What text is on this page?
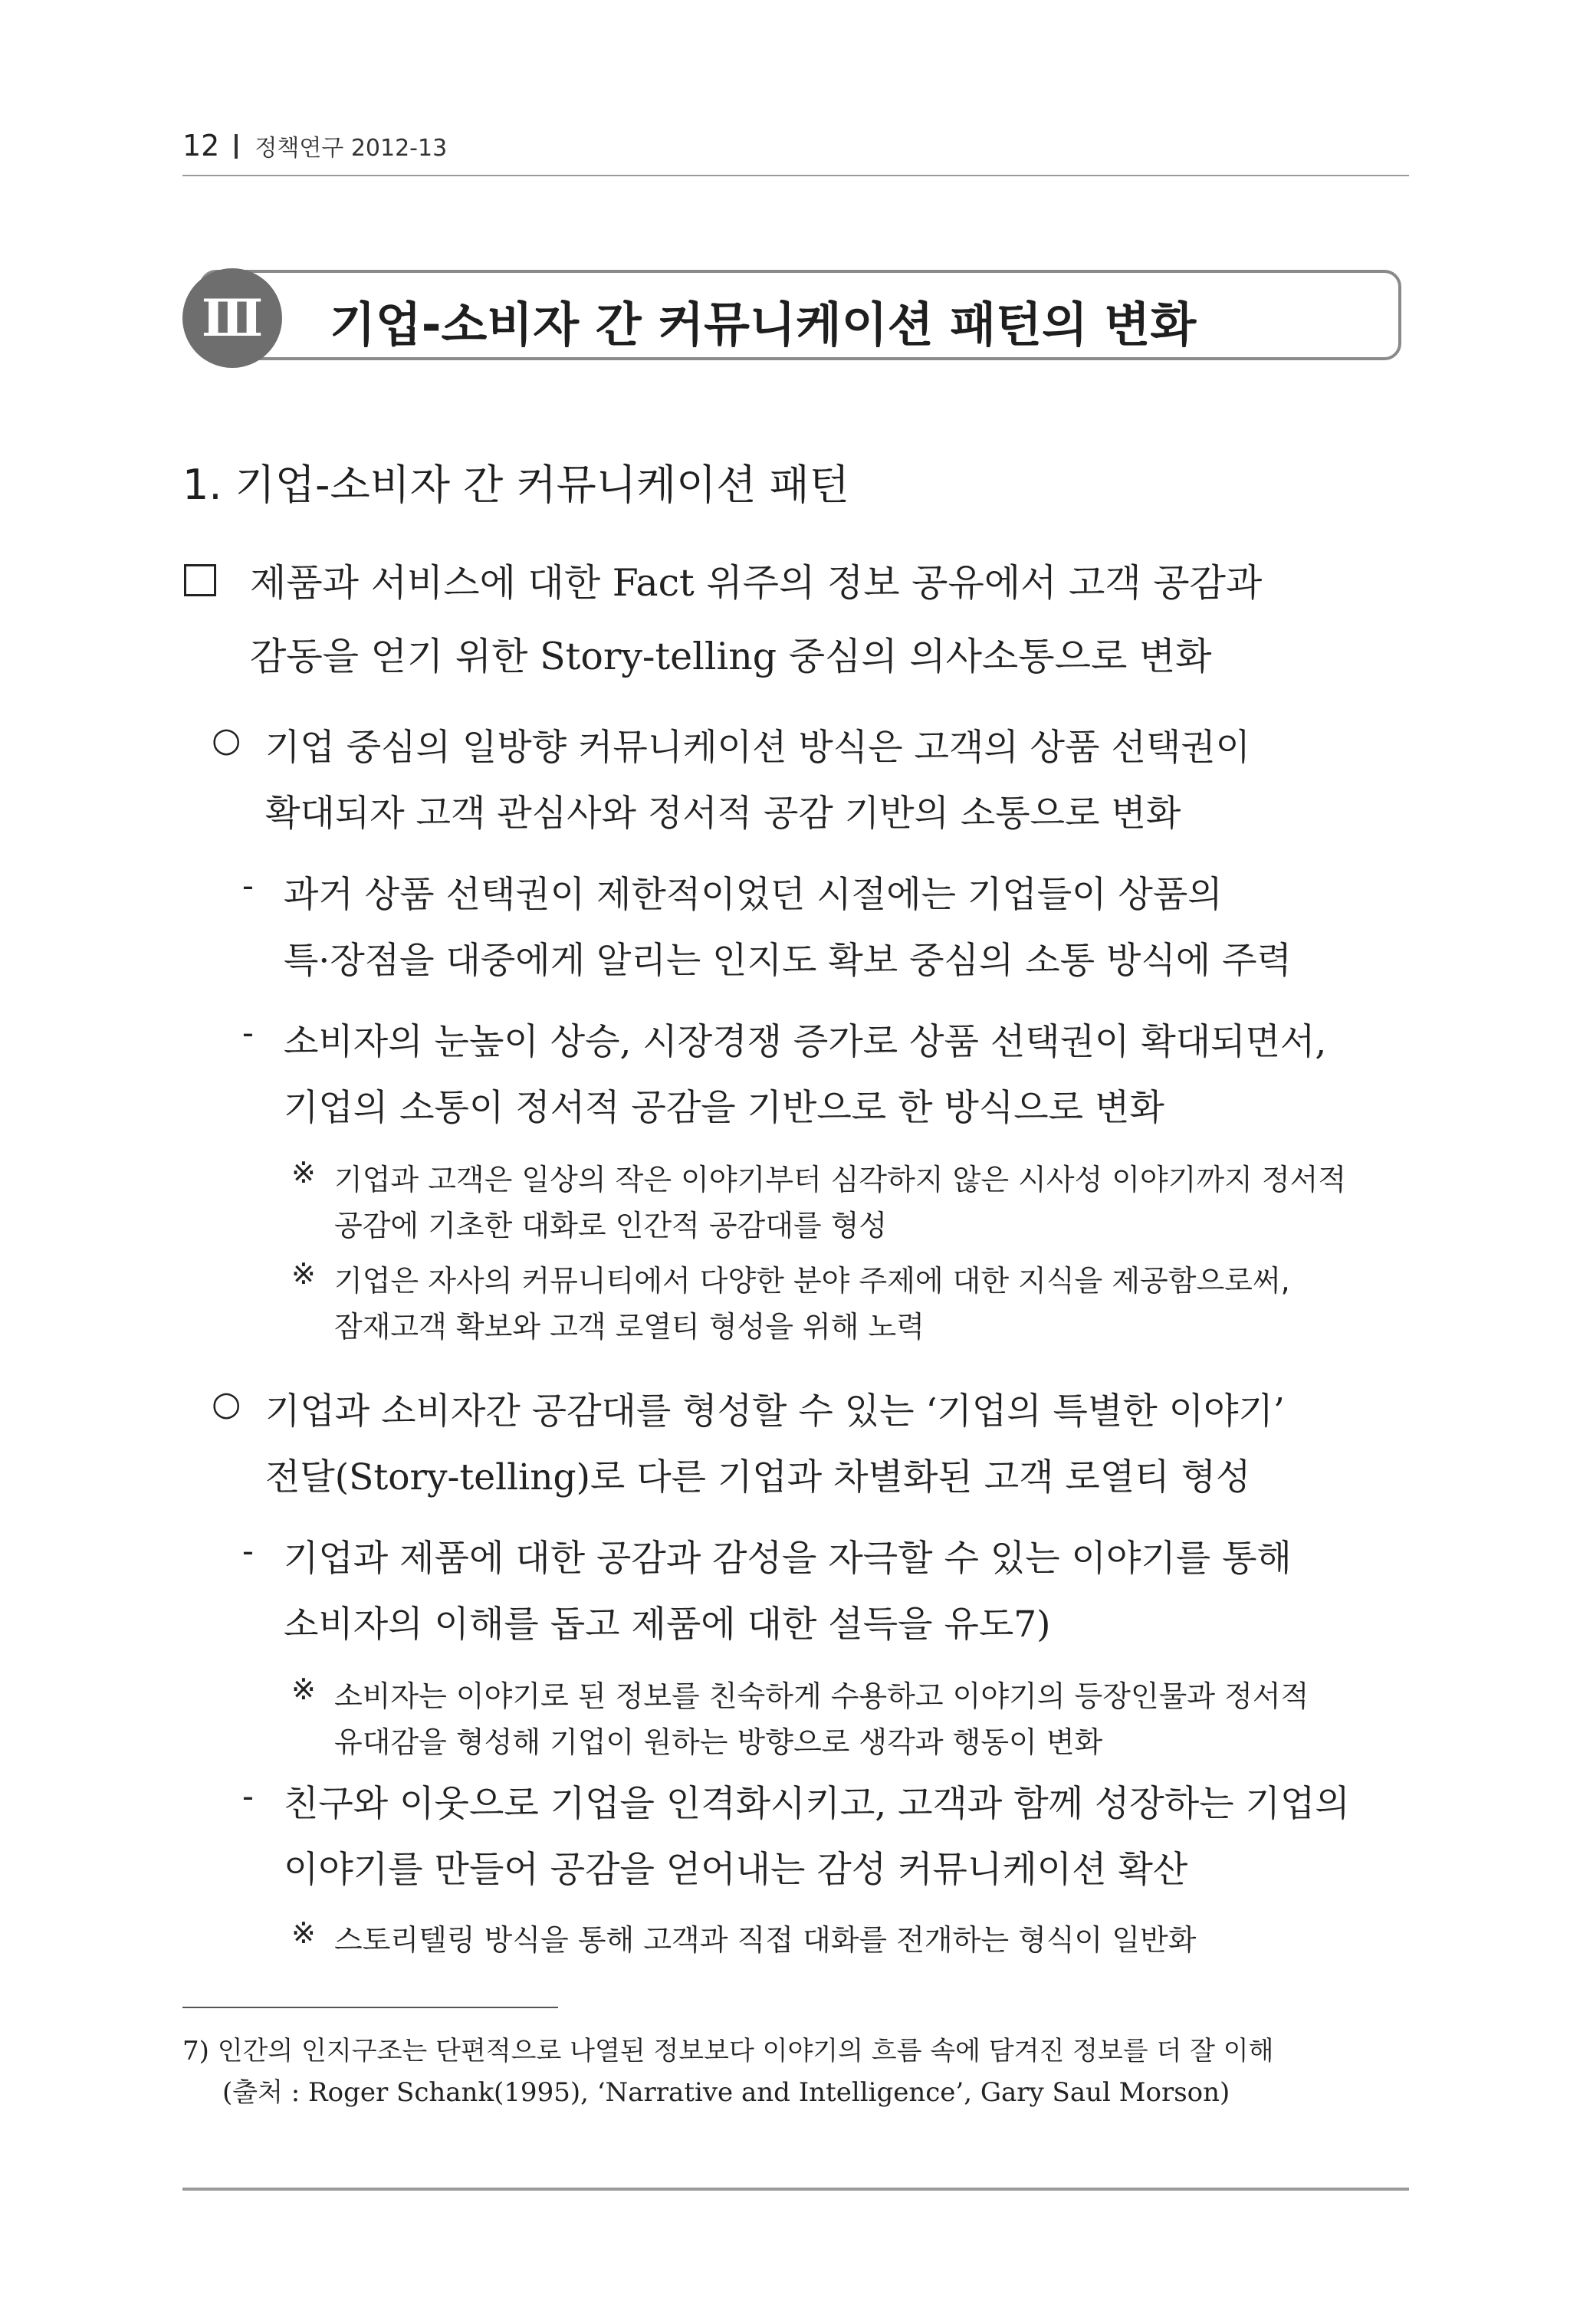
12 정책연구 2012-13
Ⅲ	기업-소비자 간 커뮤니케이션 패턴의 변화
1. 기업-소비자 간 커뮤니케이션 패턴
제품과 서비스에 대한 Fact 위주의 정보 공유에서 고객 공감과
감동을 얻기 위한 Story-telling 중심의 의사소통으로 변화
○ 기업 중심의 일방향 커뮤니케이션 방식은 고객의 상품 선택권이
확대되자 고객 관심사와 정서적 공감 기반의 소통으로 변화
- 과거 상품 선택권이 제한적이었던 시절에는 기업들이 상품의
특·장점을 대중에게 알리는 인지도 확보 중심의 소통 방식에 주력
- 소비자의 눈높이 상승, 시장경쟁 증가로 상품 선택권이 확대되면서,
기업의 소통이 정서적 공감을 기반으로 한 방식으로 변화
※ 기업과 고객은 일상의 작은 이야기부터 심각하지 않은 시사성 이야기까지 정서적
공감에 기초한 대화로 인간적 공감대를 형성
※ 기업은 자사의 커뮤니티에서 다양한 분야 주제에 대한 지식을 제공함으로써,
잠재고객 확보와 고객 로열티 형성을 위해 노력
○ 기업과 소비자간 공감대를 형성할 수 있는 ‘기업의 특별한 이야기’
전달(Story-telling)로 다른 기업과 차별화된 고객 로열티 형성
- 기업과 제품에 대한 공감과 감성을 자극할 수 있는 이야기를 통해
소비자의 이해를 돕고 제품에 대한 설득을 유도7)
※ 소비자는 이야기로 된 정보를 친숙하게 수용하고 이야기의 등장인물과 정서적
유대감을 형성해 기업이 원하는 방향으로 생각과 행동이 변화
- 친구와 이웃으로 기업을 인격화시키고, 고객과 함께 성장하는 기업의
이야기를 만들어 공감을 얻어내는 감성 커뮤니케이션 확산
※ 스토리텔링 방식을 통해 고객과 직접 대화를 전개하는 형식이 일반화
7) 인간의 인지구조는 단편적으로 나열된 정보보다 이야기의 흐름 속에 담겨진 정보를 더 잘 이해
(출처 : Roger Schank(1995), ‘Narrative and Intelligence’, Gary Saul Morson)
